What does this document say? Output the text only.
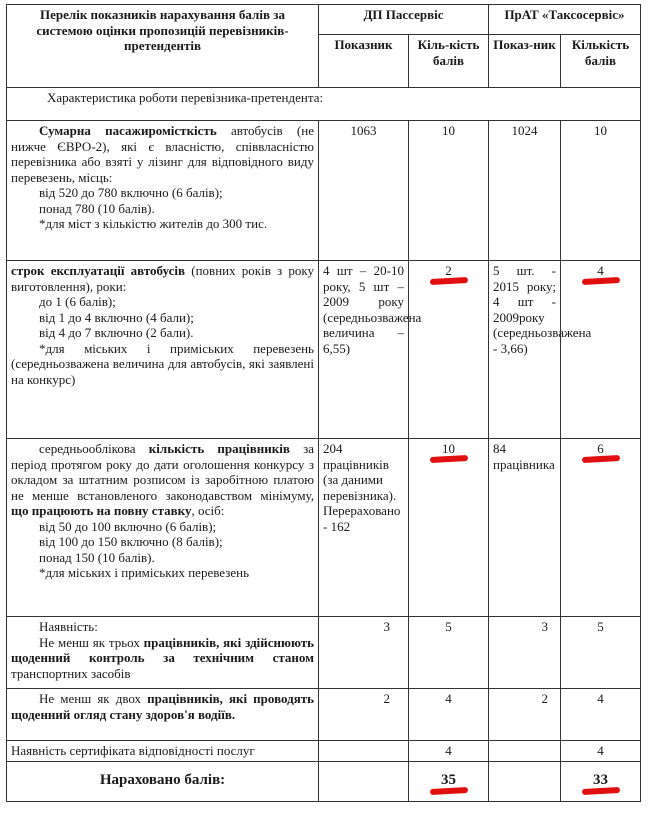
Перелік показників нарахування балів за системою оцінки пропозицій перевізників-претендентів	ДП Пассервіс		ПрАТ «Таксосервіс»	
	Показник	Кіль-кість балів	Показ-ник	Кількість балів
Характеристика роботи перевізника-претендента:				
Сумарна пасажиромісткість автобусів (не нижче ЄВРО-2), які є власністю, співвласністю перевізника або взяті у лізинг для відповідного виду перевезень, місць:
від 520 до 780 включно (6 балів);
понад 780 (10 балів).
*для міст з кількістю жителів до 300 тис.	1063	10	1024	10
строк експлуатації автобусів (повних років з року виготовлення), роки:
до 1 (6 балів);
від 1 до 4 включно (4 бали);
від 4 до 7 включно (2 бали).
*для міських і приміських перевезень (середньозважена величина для автобусів, які заявлені на конкурс)	4 шт – 20-10 року, 5 шт – 2009 року (середньозважена величина – 6,55)	2	5 шт. - 2015 року; 4 шт - 2009року (середньозважена - 3,66)	4
середньооблікова кількість працівників за період протягом року до дати оголошення конкурсу з окладом за штатним розписом із заробітною платою не менше встановленого законодавством мінімуму, що працюють на повну ставку, осіб:
від 50 до 100 включно (6 балів);
від 100 до 150 включно (8 балів);
понад 150 (10 балів).
*для міських і приміських перевезень	204 працівників (за даними перевізника). Перераховано - 162	10	84 працівника	6

Наявність:
Не менш як трьох працівників, які здійснюють щоденний контроль за технічним станом транспортних засобів	3	5	3	5
Не менш як двох працівників, які проводять щоденний огляд стану здоров'я водіїв.	2	4	2	4
Наявність сертифіката відповідності послуг		4		4
Нараховано балів:		35		33
